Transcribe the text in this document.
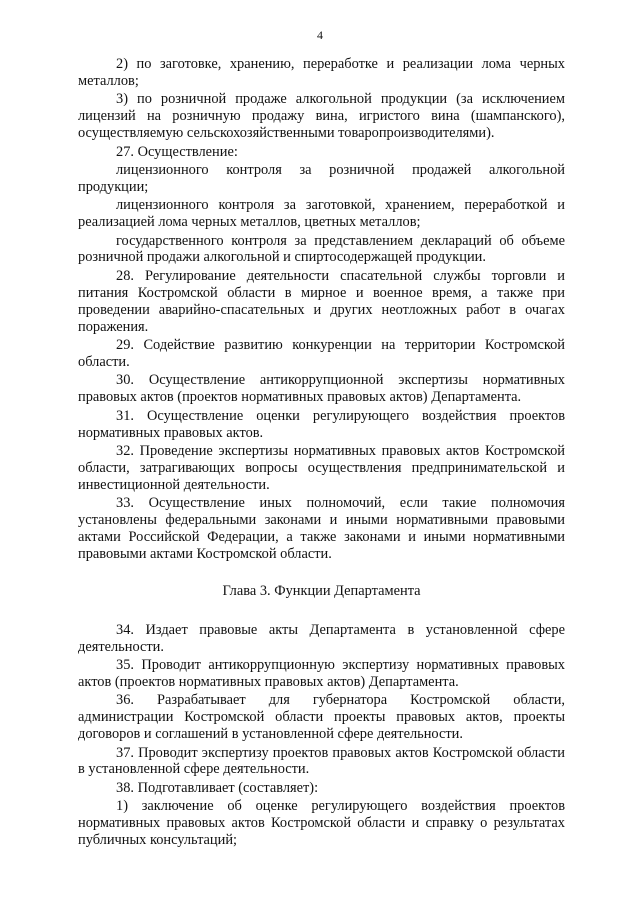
4

2) по заготовке, хранению, переработке и реализации лома черных металлов;

3) по розничной продаже алкогольной продукции (за исключением лицензий на розничную продажу вина, игристого вина (шампанского), осуществляемую сельскохозяйственными товаропроизводителями).

27. Осуществление:

лицензионного контроля за розничной продажей алкогольной продукции;

лицензионного контроля за заготовкой, хранением, переработкой и реализацией лома черных металлов, цветных металлов;

государственного контроля за представлением деклараций об объеме розничной продажи алкогольной и спиртосодержащей продукции.

28. Регулирование деятельности спасательной службы торговли и питания Костромской области в мирное и военное время, а также при проведении аварийно-спасательных и других неотложных работ в очагах поражения.

29. Содействие развитию конкуренции на территории Костромской области.

30. Осуществление антикоррупционной экспертизы нормативных правовых актов (проектов нормативных правовых актов) Департамента.

31. Осуществление оценки регулирующего воздействия проектов нормативных правовых актов.

32. Проведение экспертизы нормативных правовых актов Костромской области, затрагивающих вопросы осуществления предпринимательской и инвестиционной деятельности.

33. Осуществление иных полномочий, если такие полномочия установлены федеральными законами и иными нормативными правовыми актами Российской Федерации, а также законами и иными нормативными правовыми актами Костромской области.

Глава 3. Функции Департамента

34. Издает правовые акты Департамента в установленной сфере деятельности.

35. Проводит антикоррупционную экспертизу нормативных правовых актов (проектов нормативных правовых актов) Департамента.

36. Разрабатывает для губернатора Костромской области, администрации Костромской области проекты правовых актов, проекты договоров и соглашений в установленной сфере деятельности.

37. Проводит экспертизу проектов правовых актов Костромской области в установленной сфере деятельности.

38. Подготавливает (составляет):

1) заключение об оценке регулирующего воздействия проектов нормативных правовых актов Костромской области и справку о результатах публичных консультаций;
